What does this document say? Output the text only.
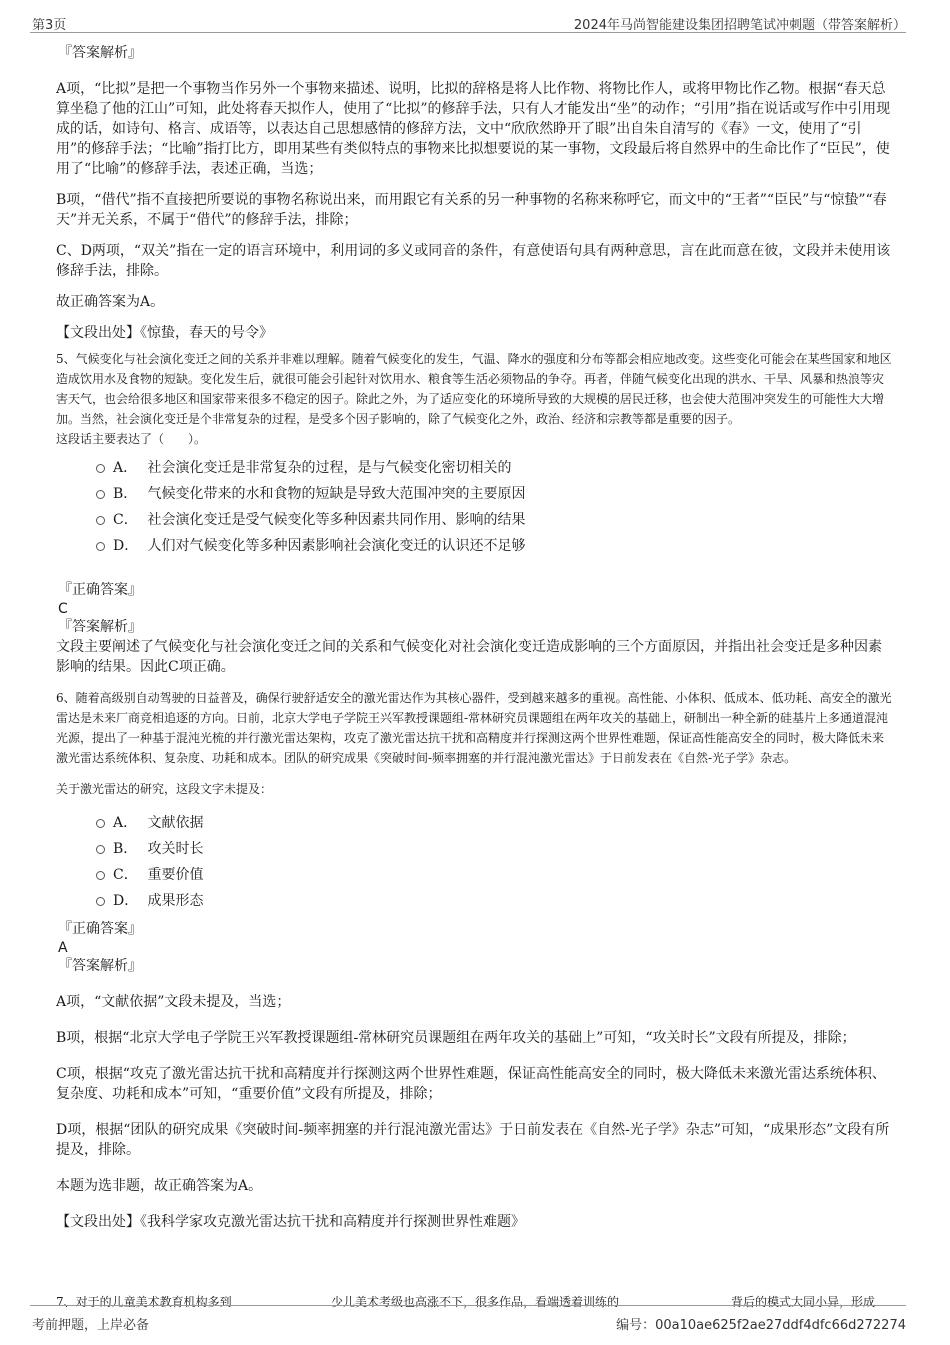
第3页	2024年马尚智能建设集团招聘笔试冲刺题（带答案解析）

『答案解析』

A项，“比拟”是把一个事物当作另外一个事物来描述、说明，比拟的辞格是将人比作物、将物比作人，或将甲物比作乙物。根据“春天总算坐稳了他的江山”可知，此处将春天拟作人，使用了“比拟”的修辞手法，只有人才能发出“坐”的动作；“引用”指在说话或写作中引用现成的话，如诗句、格言、成语等，以表达自己思想感情的修辞方法，文中“欣欣然睁开了眼”出自朱自清写的《春》一文，使用了“引用”的修辞手法；“比喻”指打比方，即用某些有类似特点的事物来比拟想要说的某一事物，文段最后将自然界中的生命比作了“臣民”，使用了“比喻”的修辞手法，表述正确，当选；

B项，“借代”指不直接把所要说的事物名称说出来，而用跟它有关系的另一种事物的名称来称呼它，而文中的“王者”“臣民”与“惊蛰”“春天”并无关系，不属于“借代”的修辞手法，排除；

C、D两项，“双关”指在一定的语言环境中，利用词的多义或同音的条件，有意使语句具有两种意思，言在此而意在彼，文段并未使用该修辞手法，排除。

故正确答案为A。

【文段出处】《惊蛰，春天的号令》

5、气候变化与社会演化变迁之间的关系并非难以理解。随着气候变化的发生，气温、降水的强度和分布等都会相应地改变。这些变化可能会在某些国家和地区造成饮用水及食物的短缺。变化发生后，就很可能会引起针对饮用水、粮食等生活必须物品的争夺。再者，伴随气候变化出现的洪水、干旱、风暴和热浪等灾害天气，也会给很多地区和国家带来很多不稳定的因子。除此之外，为了适应变化的环境所导致的大规模的居民迁移，也会使大范围冲突发生的可能性大大增加。当然，社会演化变迁是个非常复杂的过程，是受多个因子影响的，除了气候变化之外，政治、经济和宗教等都是重要的因子。

这段话主要表达了（　　）。

A． 社会演化变迁是非常复杂的过程，是与气候变化密切相关的
B． 气候变化带来的水和食物的短缺是导致大范围冲突的主要原因
C． 社会演化变迁是受气候变化等多种因素共同作用、影响的结果
D． 人们对气候变化等多种因素影响社会演化变迁的认识还不足够

『正确答案』

C

『答案解析』

文段主要阐述了气候变化与社会演化变迁之间的关系和气候变化对社会演化变迁造成影响的三个方面原因，并指出社会变迁是多种因素影响的结果。因此C项正确。

6、随着高级别自动驾驶的日益普及，确保行驶舒适安全的激光雷达作为其核心器件，受到越来越多的重视。高性能、小体积、低成本、低功耗、高安全的激光雷达是未来厂商竞相追逐的方向。日前，北京大学电子学院王兴军教授课题组-常林研究员课题组在两年攻关的基础上，研制出一种全新的硅基片上多通道混沌光源，提出了一种基于混沌光梳的并行激光雷达架构，攻克了激光雷达抗干扰和高精度并行探测这两个世界性难题，保证高性能高安全的同时，极大降低未来激光雷达系统体积、复杂度、功耗和成本。团队的研究成果《突破时间-频率拥塞的并行混沌激光雷达》于日前发表在《自然-光子学》杂志。

关于激光雷达的研究，这段文字未提及：

A． 文献依据
B． 攻关时长
C． 重要价值
D． 成果形态

『正确答案』

A

『答案解析』

A项，“文献依据”文段未提及，当选；

B项，根据“北京大学电子学院王兴军教授课题组-常林研究员课题组在两年攻关的基础上”可知，“攻关时长”文段有所提及，排除；

C项，根据“攻克了激光雷达抗干扰和高精度并行探测这两个世界性难题，保证高性能高安全的同时，极大降低未来激光雷达系统体积、复杂度、功耗和成本”可知，“重要价值”文段有所提及，排除；

D项，根据“团队的研究成果《突破时间-频率拥塞的并行混沌激光雷达》于日前发表在《自然-光子学》杂志”可知，“成果形态”文段有所提及，排除。

本题为选非题，故正确答案为A。

【文段出处】《我科学家攻克激光雷达抗干扰和高精度并行探测世界性难题》

7、对于的儿童美术教育机构多到	少儿美术考级也高涨不下，很多作品，看端透着训练的	背后的模式大同小异，形成
考前押题，上岸必备	编号：00a10ae625f2ae27ddf4dfc66d272274
